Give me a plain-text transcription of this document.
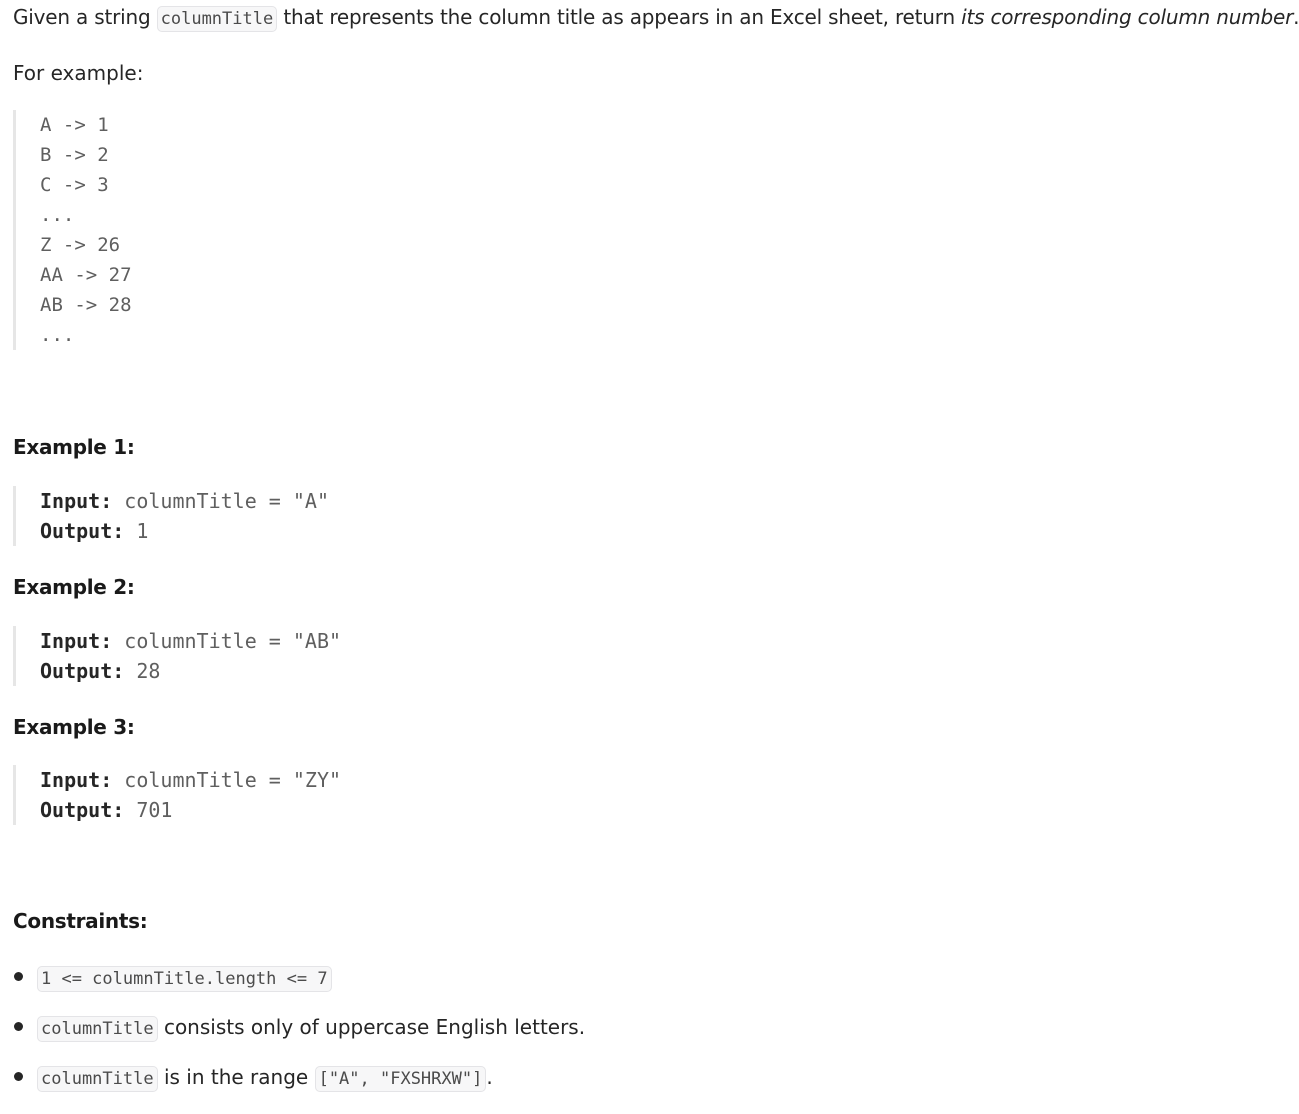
Given a string columnTitle that represents the column title as appears in an Excel sheet, return its corresponding column number.
For example:
A -> 1
B -> 2
C -> 3
...
Z -> 26
AA -> 27
AB -> 28
...
Example 1:
Input: columnTitle = "A"
Output: 1
Example 2:
Input: columnTitle = "AB"
Output: 28
Example 3:
Input: columnTitle = "ZY"
Output: 701
Constraints:
1 <= columnTitle.length <= 7
columnTitle consists only of uppercase English letters.
columnTitle is in the range ["A", "FXSHRXW"] .
